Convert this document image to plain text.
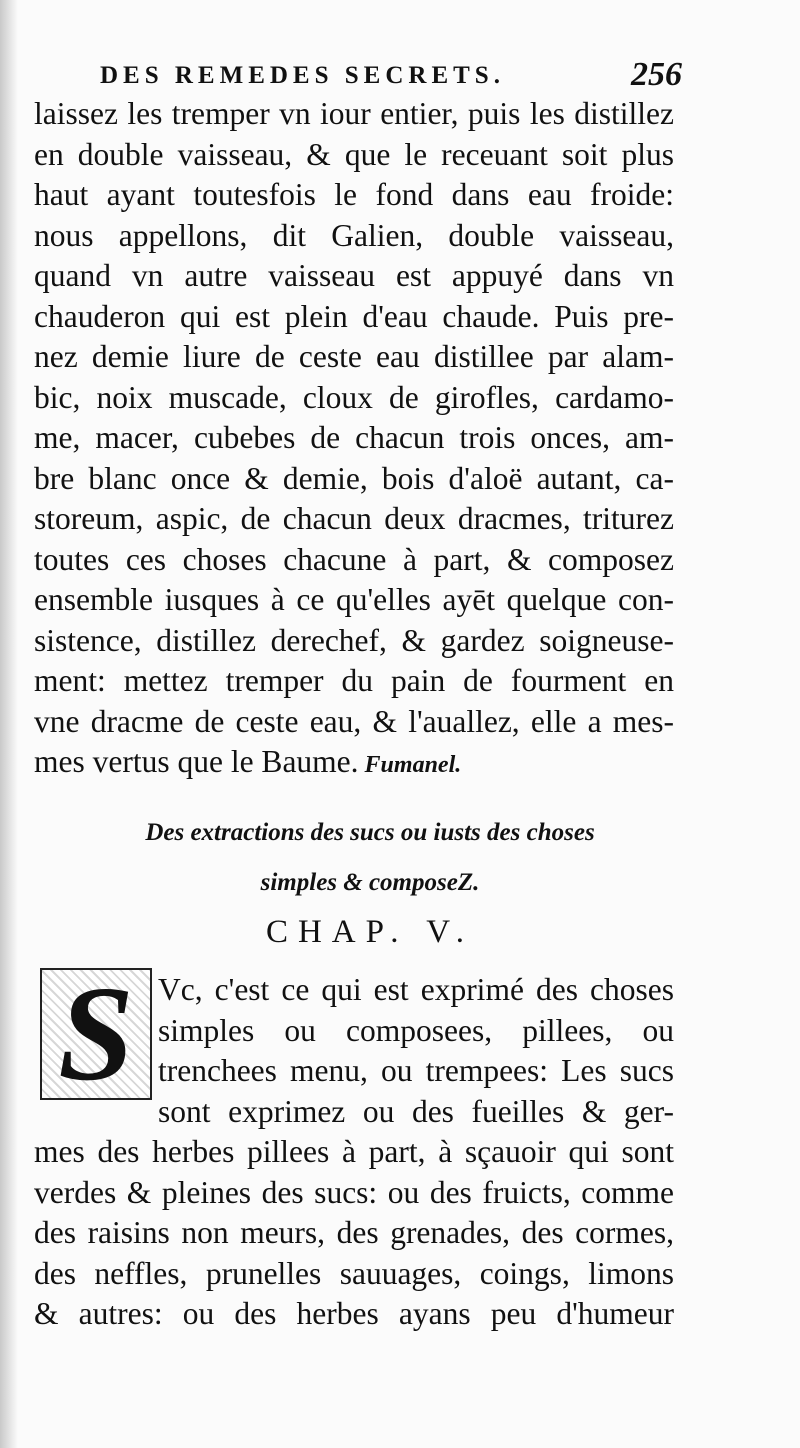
DES REMEDES SECRETS.	256
laissez les tremper vn iour entier, puis les distillez
en double vaisseau, & que le receuant soit plus
haut ayant toutesfois le fond dans eau froide:
nous appellons, dit Galien, double vaisseau,
quand vn autre vaisseau est appuyé dans vn
chauderon qui est plein d'eau chaude. Puis pre-
nez demie liure de ceste eau distillee par alam-
bic, noix muscade, cloux de girofles, cardamo-
me, macer, cubebes de chacun trois onces, am-
bre blanc once & demie, bois d'aloë autant, ca-
storeum, aspic, de chacun deux dracmes, triturez
toutes ces choses chacune à part, & composez
ensemble iusques à ce qu'elles ayēt quelque con-
sistence, distillez derechef, & gardez soigneuse-
ment: mettez tremper du pain de fourment en
vne dracme de ceste eau, & l'auallez, elle a mes-
mes vertus que le Baume. Fumanel.
Des extractions des sucs ou iusts des choses
simples & composeZ.
CHAP. V.
S Vc, c'est ce qui est exprimé des choses
simples ou composees, pillees, ou
trenchees menu, ou trempees: Les sucs
sont exprimez ou des fueilles & ger-
mes des herbes pillees à part, à sçauoir qui sont
verdes & pleines des sucs: ou des fruicts, comme
des raisins non meurs, des grenades, des cormes,
des neffles, prunelles sauuages, coings, limons
& autres: ou des herbes ayans peu d'humeur
